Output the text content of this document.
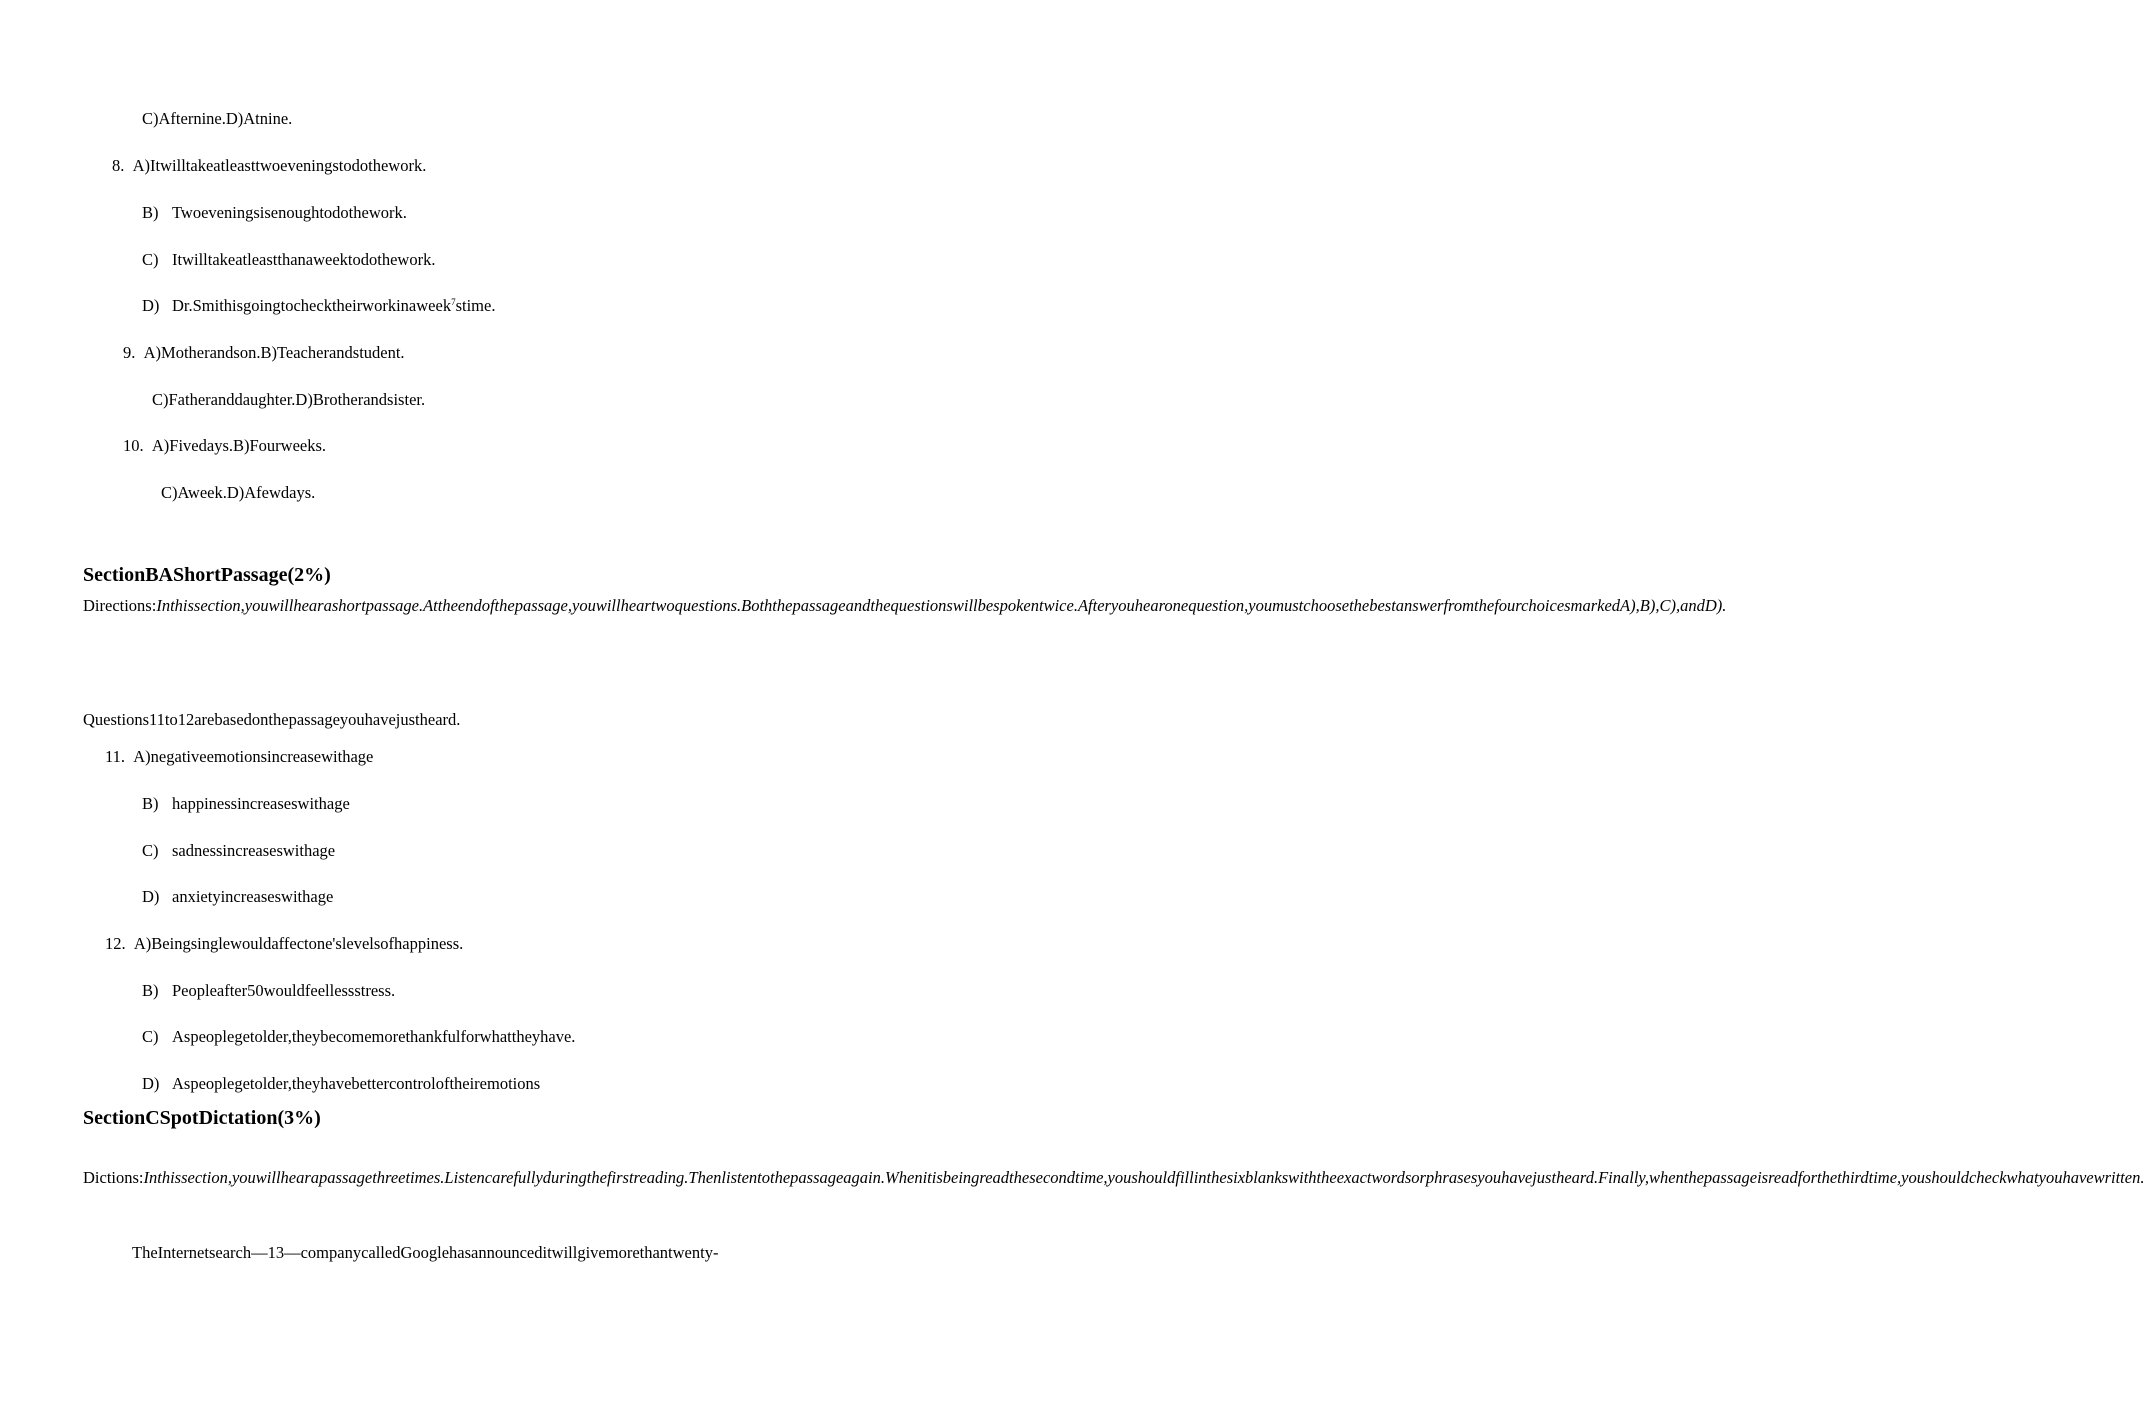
C)Afternine.D)Atnine.
8. A)Itwilltakeatleasttwoeveningstodothework.
B) Twoeveningsisenoughtodothework.
C) Itwilltakeatleastthanaweektodothework.
D) Dr.Smithisgoingtochecktheirworkinaweek$^7$stime.
9. A)Motherandson.B)Teacherandstudent.
C)Fatheranddaughter.D)Brotherandsister.
10. A)Fivedays.B)Fourweeks.
C)Aweek.D)Afewdays.
SectionBAShortPassage(2%)
Directions:Inthissection,youwillhearashortpassage.Attheendofthepassage,youwillheartwoquestions.Boththepassageandthequestionswillbespokentwice.Afteryouhearonequestion,youmustchoosethebestanswerfromthefourchoicesmarkedA),B),C),andD).
Questions11to12arebasedonthepassageyouhavejustheard.
11. A)negativeemotionsincreasewithage
B) happinessincreaseswithage
C) sadnessincreaseswithage
D) anxietyincreaseswithage
12. A)Beingsinglewouldaffectone'slevelsofhappiness.
B) Peopleafter50wouldfeellessstress.
C) Aspeoplegetolder,theybecomemorethankfulforwhattheyhave.
D) Aspeoplegetolder,theyhavebettercontroloftheiremotions
SectionCSpotDictation(3%)
Dictions:Inthissection,youwillhearapassagethreetimes.Listencarefullyduringthefirstreading.Thenlistentothepassageagain.Whenitisbeingreadthesecondtime,youshouldfillinthesixblankswiththeexactwordsorphrasesyouhavejustheard.Finally,whenthepassageisreadforthethirdtime,youshouldcheckwhatyouhavewritten.
TheInternetsearch—13—companycalledGooglehasannounceditwillgivemorethantwenty-
